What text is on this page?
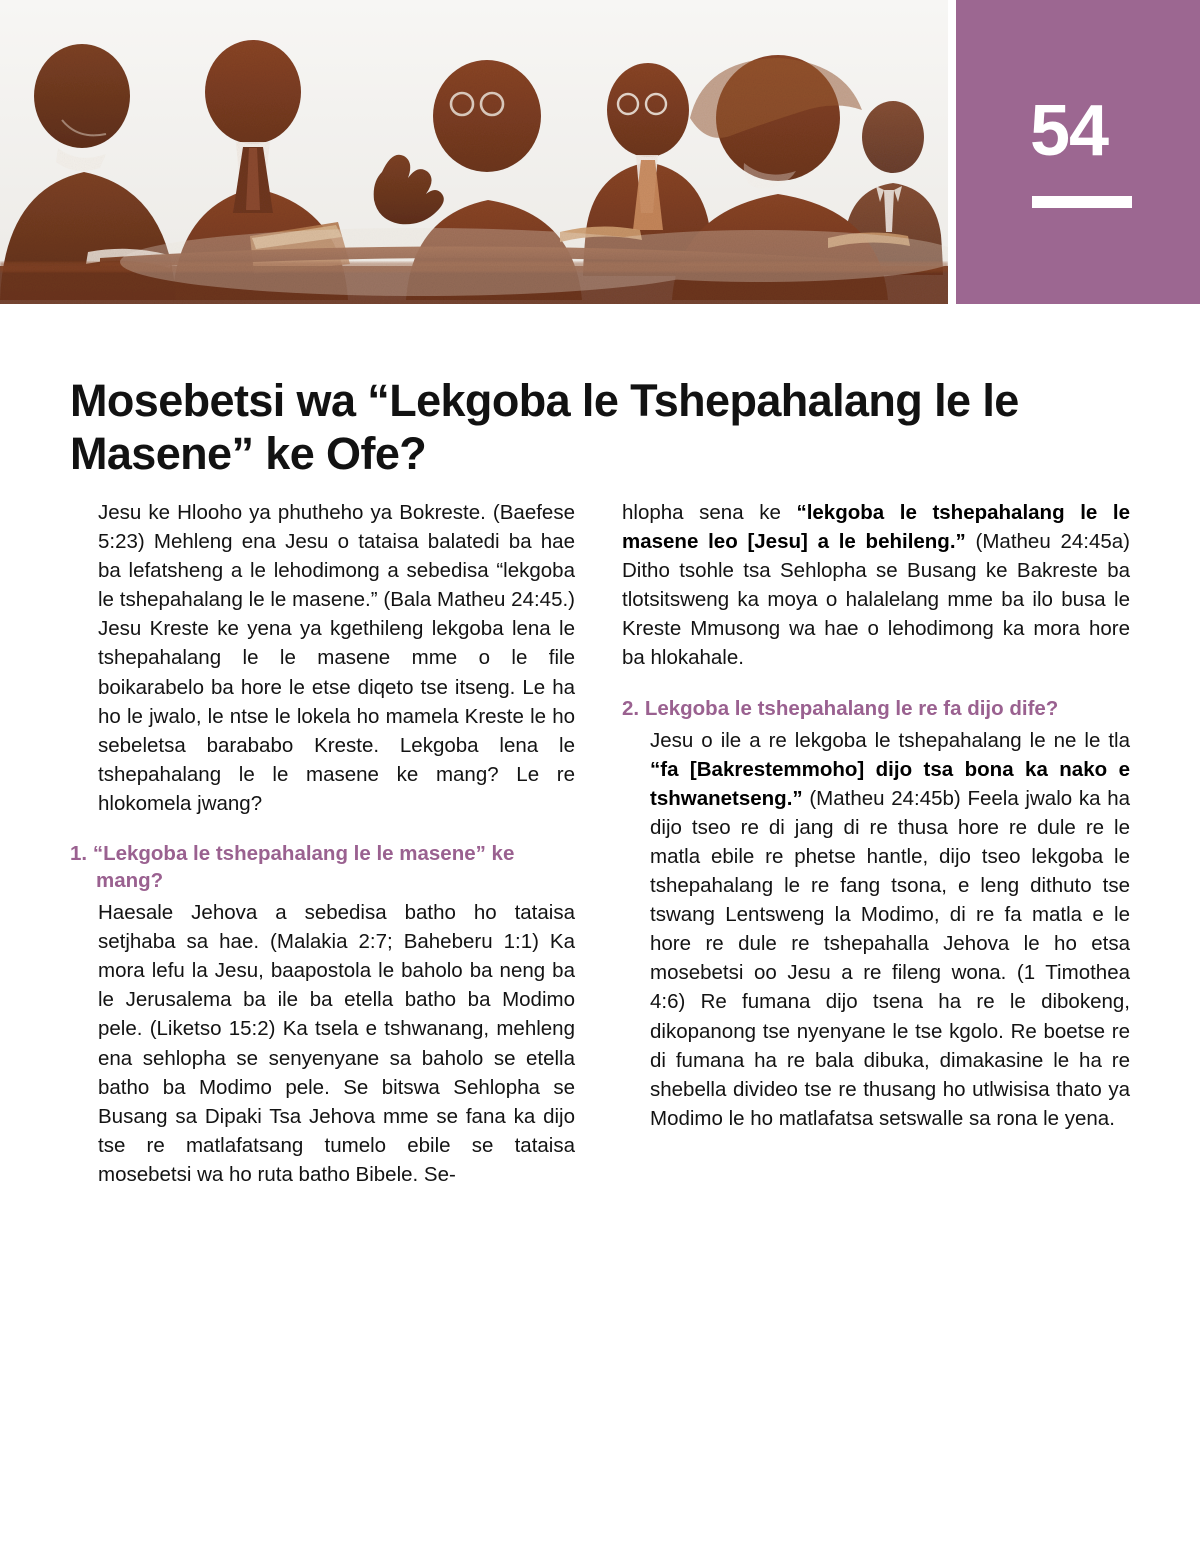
54
Mosebetsi wa “Lekgoba le Tshepahalang le le Masene” ke Ofe?

Jesu ke Hlooho ya phutheho ya Bokreste. (Baefese 5:23) Mehleng ena Jesu o tataisa balatedi ba hae ba lefatsheng a le lehodimong a sebedisa “lekgoba le tshepahalang le le masene.” (Bala Matheu 24:45.) Jesu Kreste ke yena ya kgethileng lekgoba lena le tshepahalang le le masene mme o le file boikarabelo ba hore le etse diqeto tse itseng. Le ha ho le jwalo, le ntse le lokela ho mamela Kreste le ho sebeletsa barababo Kreste. Lekgoba lena le tshepahalang le le masene ke mang? Le re hlokomela jwang?

1. “Lekgoba le tshepahalang le le masene” ke mang?

Haesale Jehova a sebedisa batho ho tataisa setjhaba sa hae. (Malakia 2:7; Baheberu 1:1) Ka mora lefu la Jesu, baapostola le baholo ba neng ba le Jerusalema ba ile ba etella batho ba Modimo pele. (Liketso 15:2) Ka tsela e tshwanang, mehleng ena sehlopha se senyenyane sa baholo se etella batho ba Modimo pele. Se bitswa Sehlopha se Busang sa Dipaki Tsa Jehova mme se fana ka dijo tse re matlafatsang tumelo ebile se tataisa mosebetsi wa ho ruta batho Bibele. Se-

hlopha sena ke “lekgoba le tshepahalang le le masene leo [Jesu] a le behileng.” (Matheu 24:45a) Ditho tsohle tsa Sehlopha se Busang ke Bakreste ba tlotsitsweng ka moya o halalelang mme ba ilo busa le Kreste Mmusong wa hae o lehodimong ka mora hore ba hlokahale.

2. Lekgoba le tshepahalang le re fa dijo dife?

Jesu o ile a re lekgoba le tshepahalang le ne le tla “fa [Bakrestemmoho] dijo tsa bona ka nako e tshwanetseng.” (Matheu 24:45b) Feela jwalo ka ha dijo tseo re di jang di re thusa hore re dule re le matla ebile re phetse hantle, dijo tseo lekgoba le tshepahalang le re fang tsona, e leng dithuto tse tswang Lentsweng la Modimo, di re fa matla e le hore re dule re tshepahalla Jehova le ho etsa mosebetsi oo Jesu a re fileng wona. (1 Timothea 4:6) Re fumana dijo tsena ha re le dibokeng, dikopanong tse nyenyane le tse kgolo. Re boetse re di fumana ha re bala dibuka, dimakasine le ha re shebella divideo tse re thusang ho utlwisisa thato ya Modimo le ho matlafatsa setswalle sa rona le yena.
